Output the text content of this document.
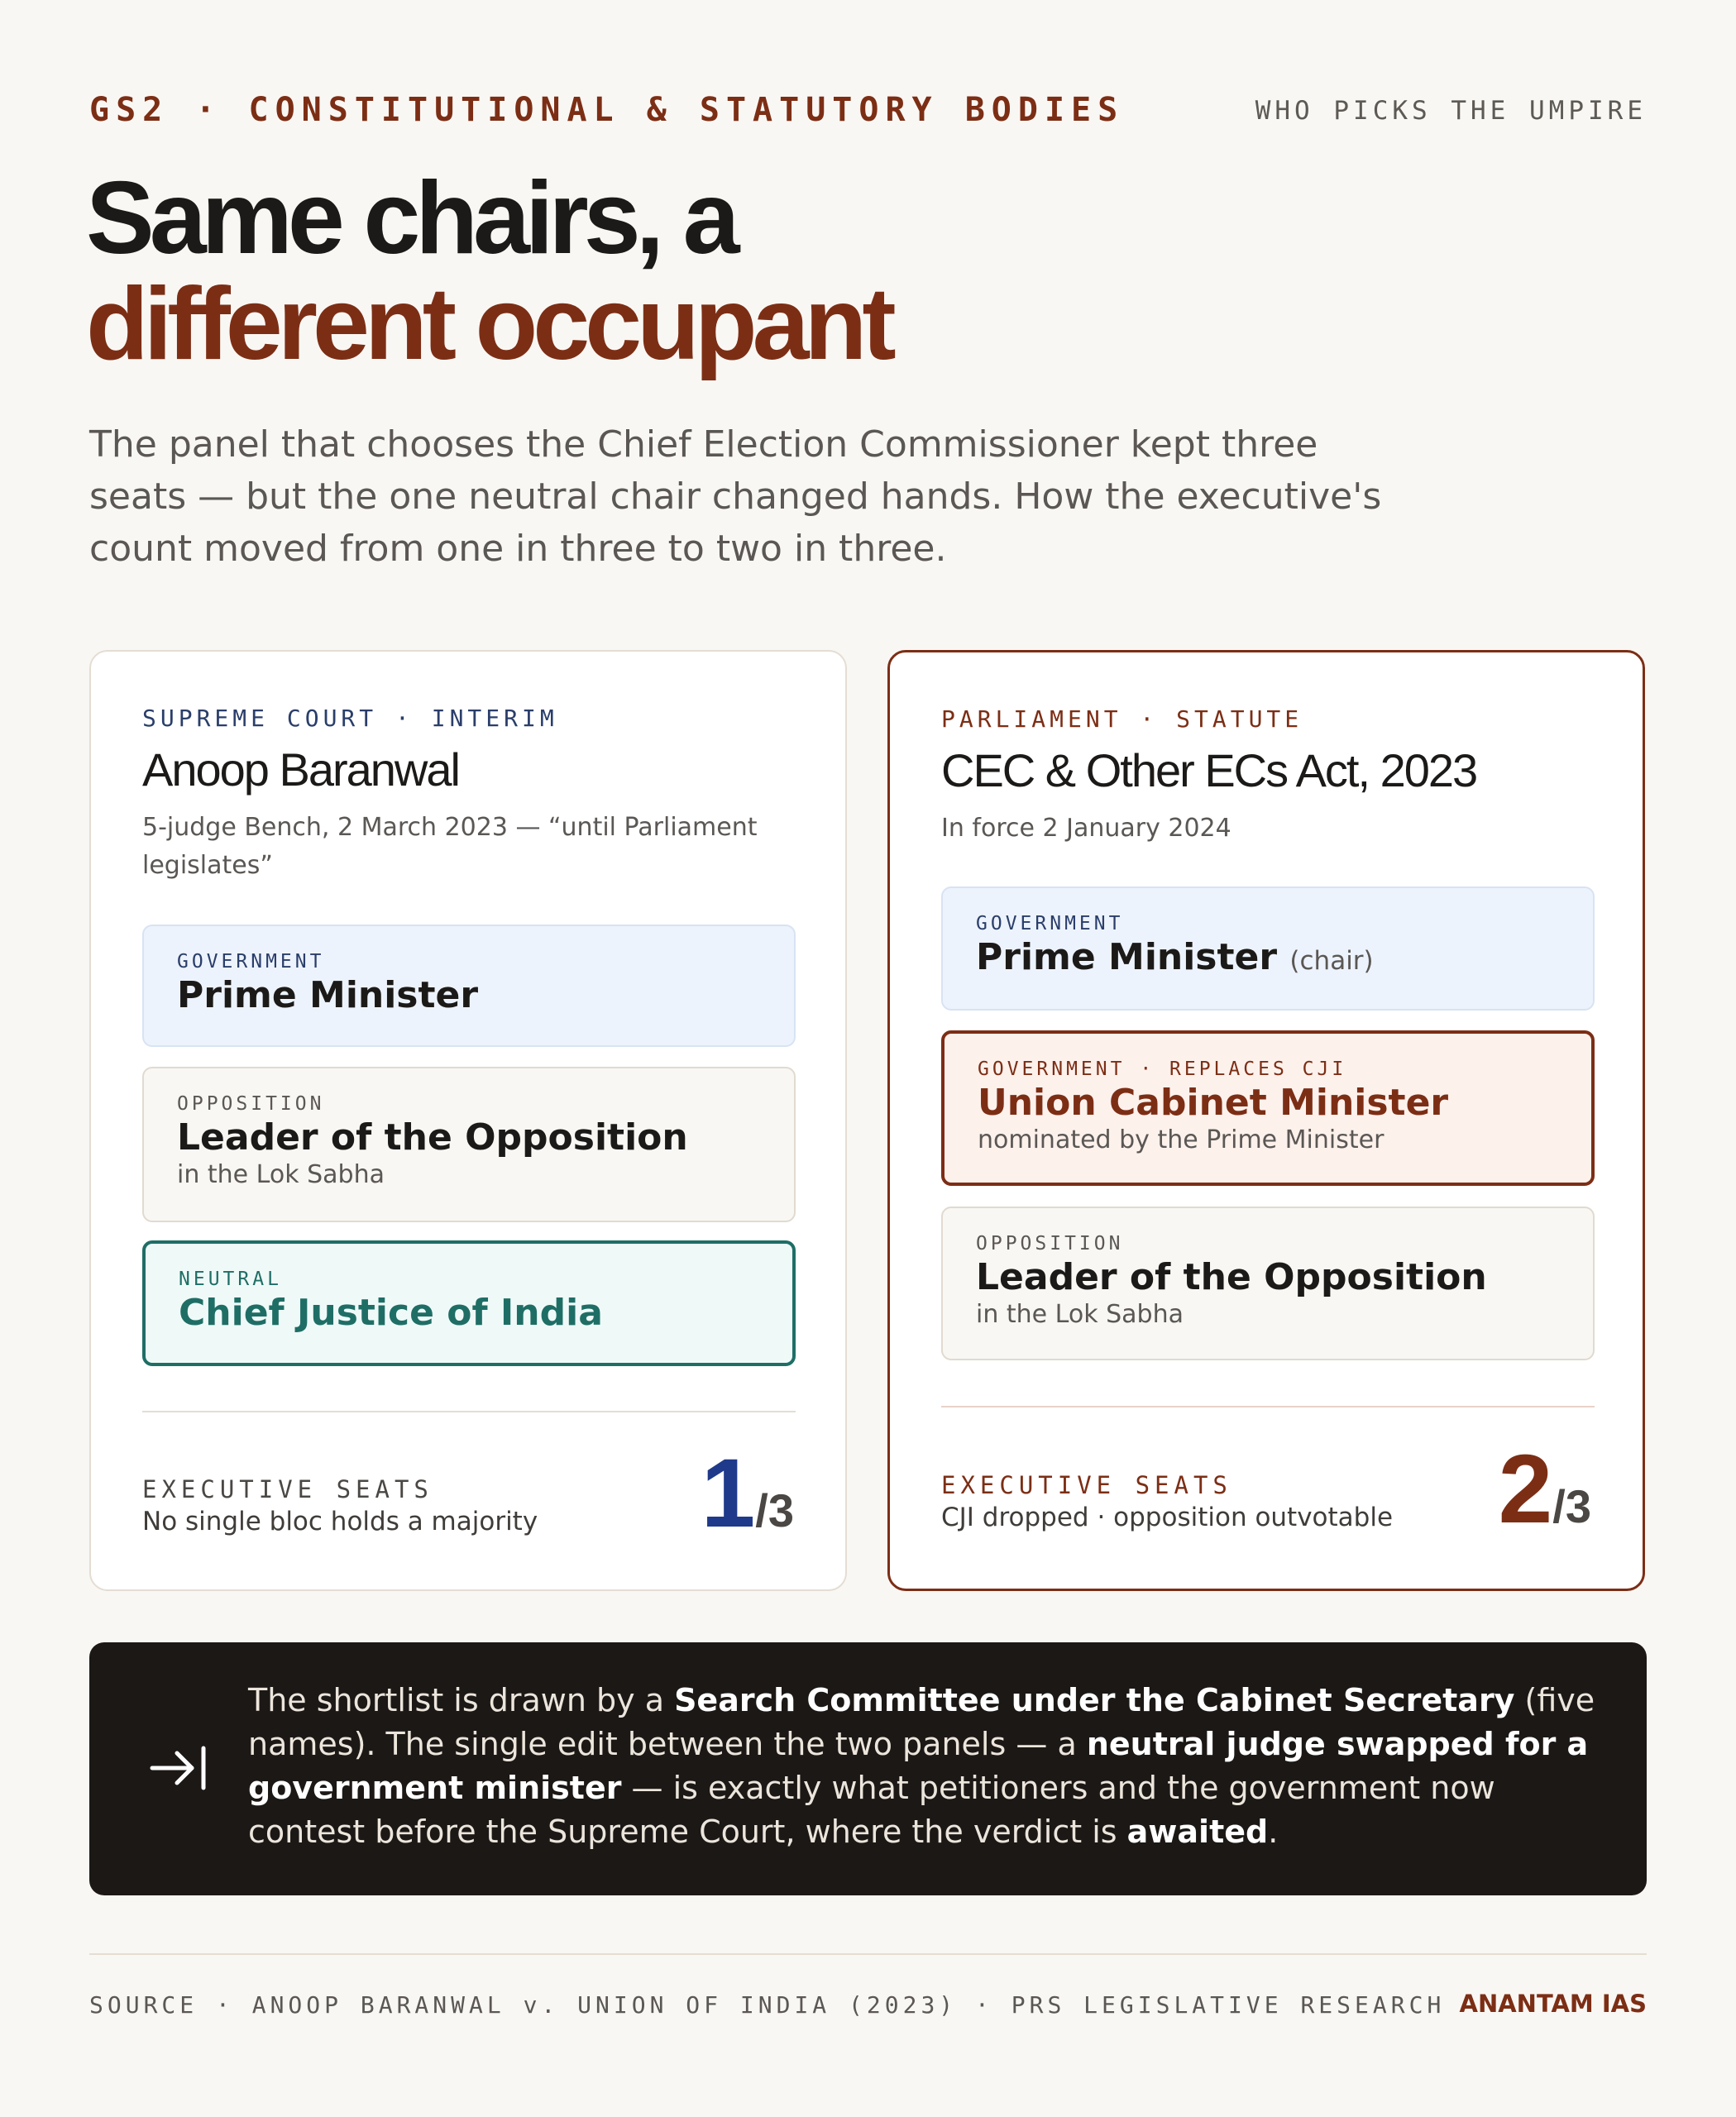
GS2 · CONSTITUTIONAL & STATUTORY BODIES	WHO PICKS THE UMPIRE
Same chairs, a
different occupant

The panel that chooses the Chief Election Commissioner kept three seats — but the one neutral chair changed hands. How the executive's count moved from one in three to two in three.

SUPREME COURT · INTERIM
Anoop Baranwal
5-judge Bench, 2 March 2023 — “until Parliament legislates”
GOVERNMENT
Prime Minister
OPPOSITION
Leader of the Opposition
in the Lok Sabha
NEUTRAL
Chief Justice of India
EXECUTIVE SEATS
No single bloc holds a majority 1/3
PARLIAMENT · STATUTE
CEC & Other ECs Act, 2023
In force 2 January 2024
GOVERNMENT
Prime Minister (chair)
GOVERNMENT · REPLACES CJI
Union Cabinet Minister
nominated by the Prime Minister
OPPOSITION
Leader of the Opposition
in the Lok Sabha
EXECUTIVE SEATS
CJI dropped · opposition outvotable 2/3

The shortlist is drawn by a Search Committee under the Cabinet Secretary (five names). The single edit between the two panels — a neutral judge swapped for a government minister — is exactly what petitioners and the government now contest before the Supreme Court, where the verdict is awaited.

SOURCE · ANOOP BARANWAL v. UNION OF INDIA (2023) · PRS LEGISLATIVE RESEARCH ANANTAM IAS
